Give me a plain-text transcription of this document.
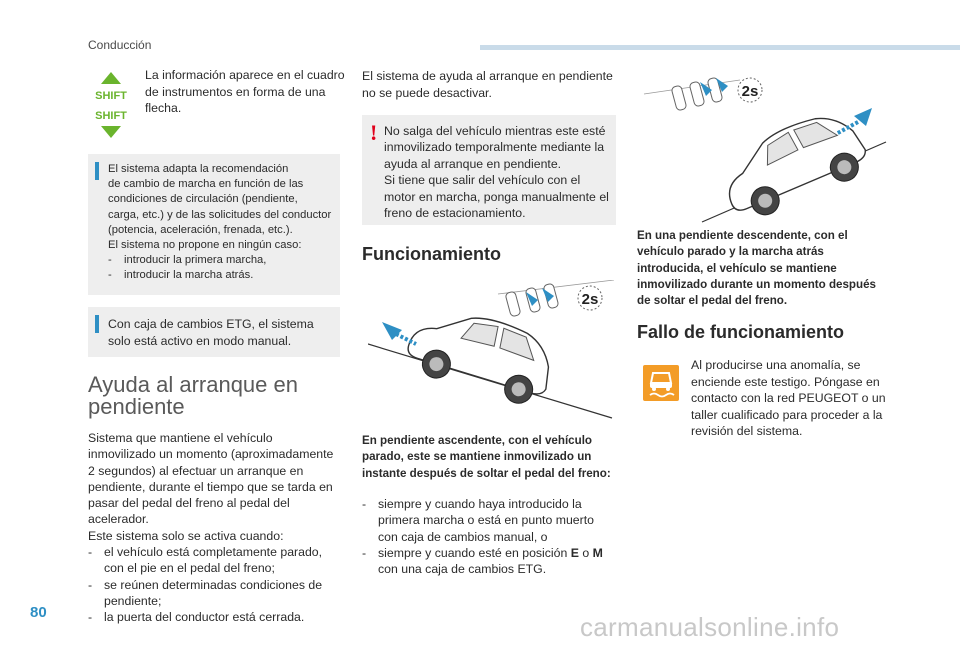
Conducción
SHIFT
SHIFT
La información aparece en el cuadro de instrumentos en forma de una flecha.
El sistema adapta la recomendación
de cambio de marcha en función de las
condiciones de circulación (pendiente,
carga, etc.) y de las solicitudes del conductor
(potencia, aceleración, frenada, etc.).
El sistema no propone en ningún caso:
- introducir la primera marcha,
- introducir la marcha atrás.
Con caja de cambios ETG, el sistema solo está activo en modo manual.
Ayuda al arranque en
pendiente
Sistema que mantiene el vehículo inmovilizado un momento (aproximadamente 2 segundos) al efectuar un arranque en pendiente, durante el tiempo que se tarda en pasar del pedal del freno al pedal del acelerador.
Este sistema solo se activa cuando:
- el vehículo está completamente parado, con el pie en el pedal del freno;
- se reúnen determinadas condiciones de pendiente;
- la puerta del conductor está cerrada.
El sistema de ayuda al arranque en pendiente no se puede desactivar.
! No salga del vehículo mientras este esté inmovilizado temporalmente mediante la ayuda al arranque en pendiente.
Si tiene que salir del vehículo con el motor en marcha, ponga manualmente el freno de estacionamiento.
Funcionamiento
2s
En pendiente ascendente, con el vehículo parado, este se mantiene inmovilizado un instante después de soltar el pedal del freno:
- siempre y cuando haya introducido la primera marcha o está en punto muerto con caja de cambios manual, o
- siempre y cuando esté en posición E o M con una caja de cambios ETG.
2s
En una pendiente descendente, con el vehículo parado y la marcha atrás introducida, el vehículo se mantiene inmovilizado durante un momento después de soltar el pedal del freno.
Fallo de funcionamiento
Al producirse una anomalía, se enciende este testigo. Póngase en contacto con la red PEUGEOT o un taller cualificado para proceder a la revisión del sistema.
80	carmanualsonline.info
